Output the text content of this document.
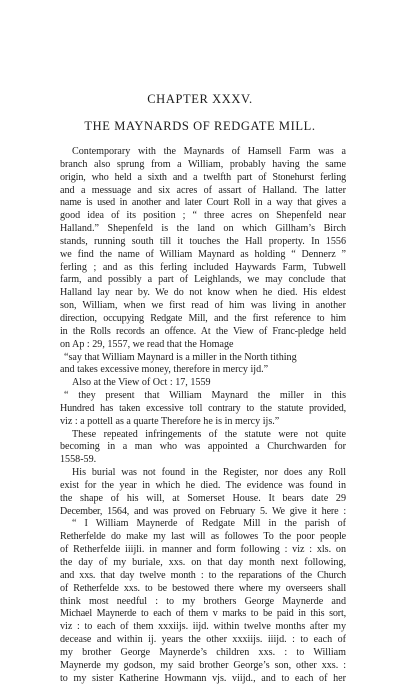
CHAPTER XXXV.
THE MAYNARDS OF REDGATE MILL.
Contemporary with the Maynards of Hamsell Farm was a
branch also sprung from a William, probably having the same
origin, who held a sixth and a twelfth part of Stonehurst ferling
and a messuage and six acres of assart of Halland. The latter
name is used in another and later Court Roll in a way that gives a
good idea of its position ; “ three acres on Shepenfeld near
Halland.” Shepenfeld is the land on which Gillham’s Birch
stands, running south till it touches the Hall property. In 1556
we find the name of William Maynard as holding “ Dennerz ”
ferling ; and as this ferling included Haywards Farm, Tubwell
farm, and possibly a part of Leighlands, we may conclude that
Halland lay near by. We do not know when he died. His eldest
son, William, when we first read of him was living in another
direction, occupying Redgate Mill, and the first reference to him
in the Rolls records an offence. At the View of Franc-pledge held
on Ap : 29, 1557, we read that the Homage
“say that William Maynard is a miller in the North tithing
and takes excessive money, therefore in mercy ijd.”
Also at the View of Oct : 17, 1559
“ they present that William Maynard the miller in this
Hundred has taken excessive toll contrary to the statute provided,
viz : a pottell as a quarte Therefore he is in mercy ijs.”
These repeated infringements of the statute were not quite
becoming in a man who was appointed a Churchwarden for
1558-59.
His burial was not found in the Register, nor does any Roll
exist for the year in which he died. The evidence was found in
the shape of his will, at Somerset House. It bears date 29
December, 1564, and was proved on February 5. We give it here :
“ I William Maynerde of Redgate Mill in the parish of
Retherfelde do make my last will as followes To the poor people
of Retherfelde iiijli. in manner and form following : viz : xls. on
the day of my buriale, xxs. on that day month next following,
and xxs. that day twelve month : to the reparations of the Church
of Retherfelde xxs. to be bestowed there where my overseers shall
think most needful : to my brothers George Maynerde and
Michael Maynerde to each of them v marks to be paid in this sort,
viz : to each of them xxxiijs. iijd. within twelve months after my
decease and within ij. years the other xxxiijs. iiijd. : to each of
my brother George Maynerde’s children xxs. : to William
Maynerde my godson, my said brother George’s son, other xxs. :
to my sister Katherine Howmann vjs. viijd., and to each of her
